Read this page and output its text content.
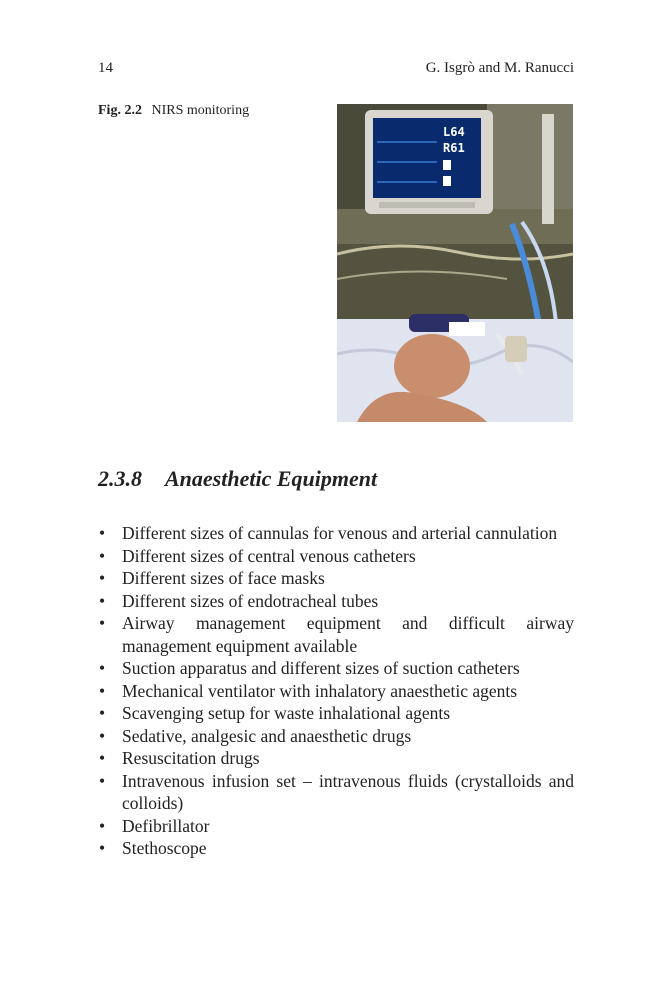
14	G. Isgrò and M. Ranucci
Fig. 2.2 NIRS monitoring
L64
R61
2.3.8 Anaesthetic Equipment
• Different sizes of cannulas for venous and arterial cannulation
• Different sizes of central venous catheters
• Different sizes of face masks
• Different sizes of endotracheal tubes
• Airway management equipment and difficult airway management equipment available
• Suction apparatus and different sizes of suction catheters
• Mechanical ventilator with inhalatory anaesthetic agents
• Scavenging setup for waste inhalational agents
• Sedative, analgesic and anaesthetic drugs
• Resuscitation drugs
• Intravenous infusion set – intravenous fluids (crystalloids and colloids)
• Defibrillator
• Stethoscope
